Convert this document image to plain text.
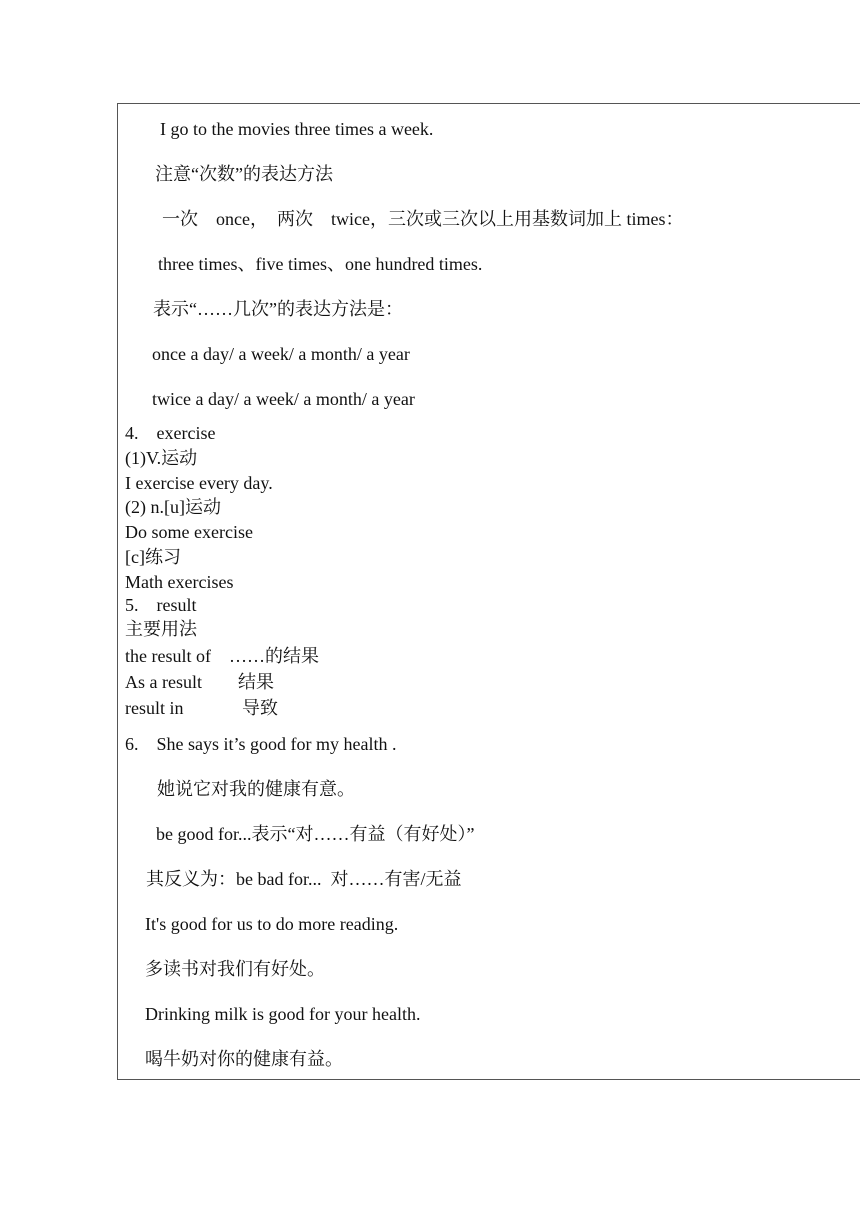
I go to the movies three times a week.
注意“次数”的表达方法
一次    once，  两次    twice，三次或三次以上用基数词加上 times：
three times、five times、one hundred times.
表示“……几次”的表达方法是：
once a day/ a week/ a month/ a year
twice a day/ a week/ a month/ a year
4.    exercise
(1)V.运动
I exercise every day.
(2) n.[u]运动
Do some exercise
[c]练习
Math exercises
5.    result
主要用法
the result of    ……的结果
As a result        结果
result in             导致
6.    She says it’s good for my health .
她说它对我的健康有意。
be good for...表示“对……有益（有好处）”
其反义为：be bad for...  对……有害/无益
It's good for us to do more reading.
多读书对我们有好处。
Drinking milk is good for your health.
喝牛奶对你的健康有益。
